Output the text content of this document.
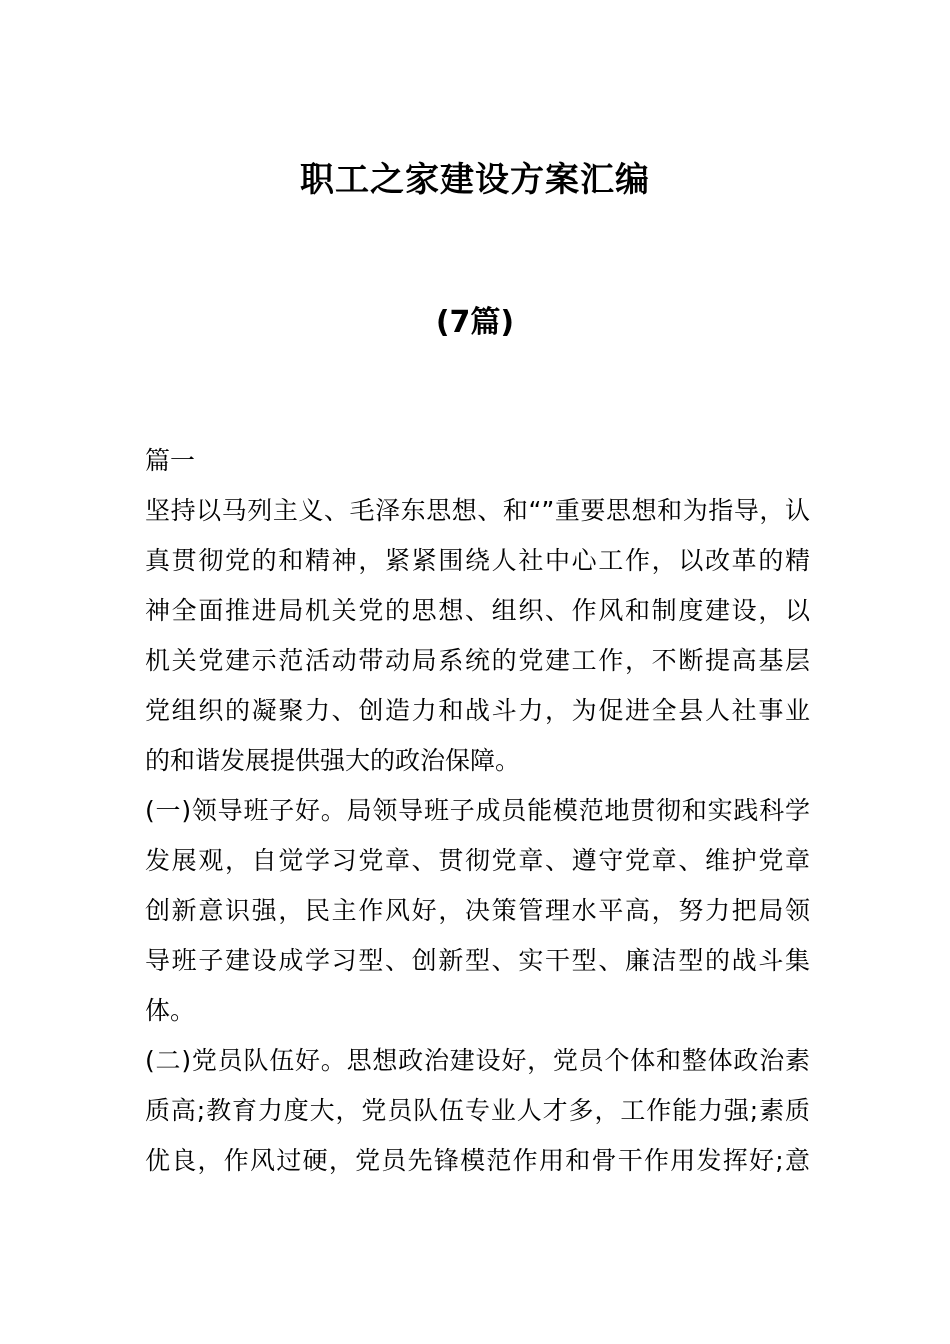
职工之家建设方案汇编
(7篇)
篇一
坚持以马列主义、毛泽东思想、和“”重要思想和为指导，认
真贯彻党的和精神，紧紧围绕人社中心工作，以改革的精
神全面推进局机关党的思想、组织、作风和制度建设，以
机关党建示范活动带动局系统的党建工作，不断提高基层
党组织的凝聚力、创造力和战斗力，为促进全县人社事业
的和谐发展提供强大的政治保障。
(一)领导班子好。局领导班子成员能模范地贯彻和实践科学
发展观，自觉学习党章、贯彻党章、遵守党章、维护党章
创新意识强，民主作风好，决策管理水平高，努力把局领
导班子建设成学习型、创新型、实干型、廉洁型的战斗集
体。
(二)党员队伍好。思想政治建设好，党员个体和整体政治素
质高;教育力度大，党员队伍专业人才多，工作能力强;素质
优良，作风过硬，党员先锋模范作用和骨干作用发挥好;意
